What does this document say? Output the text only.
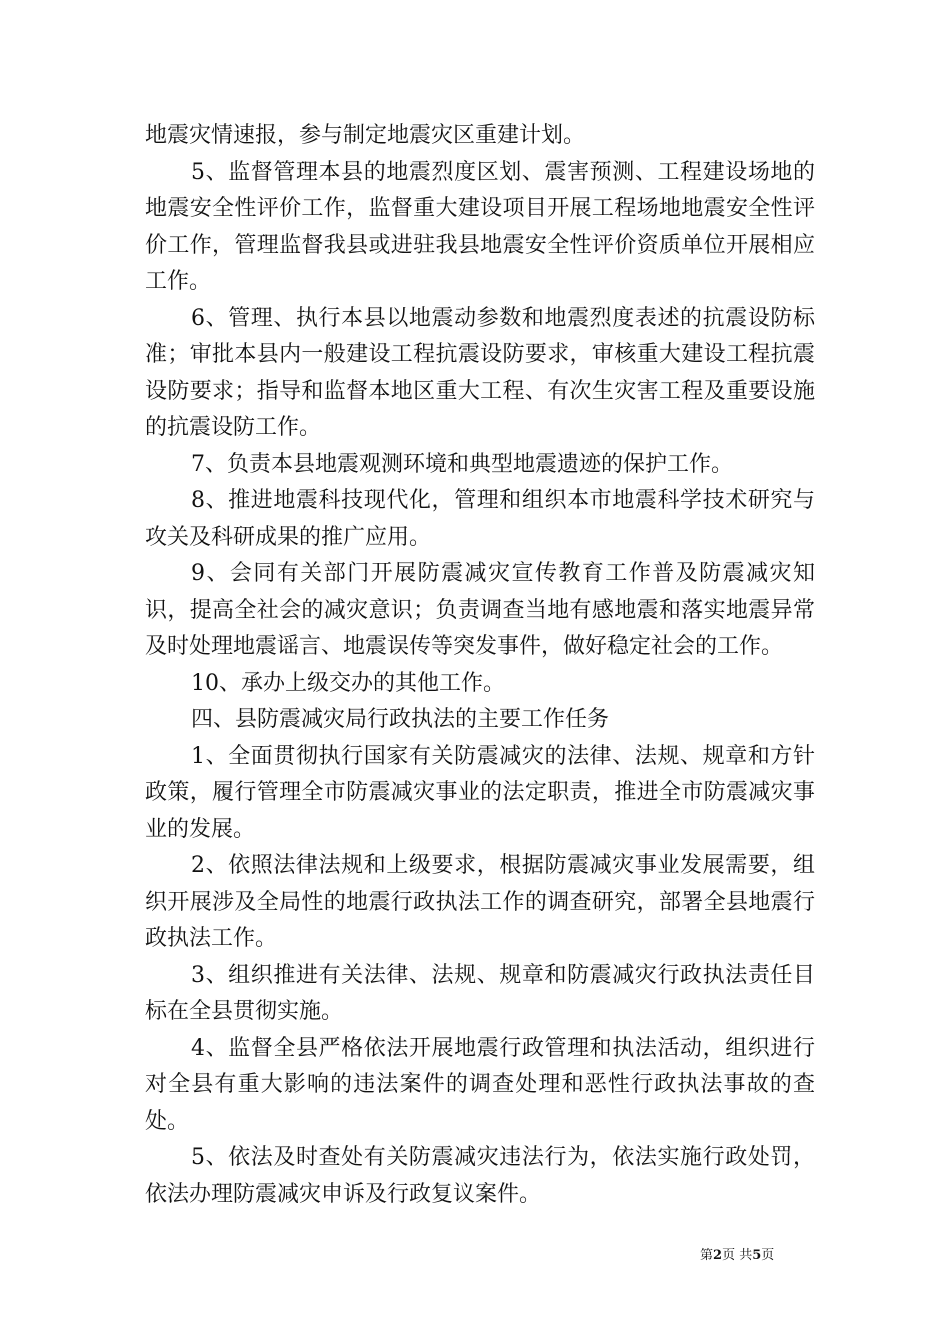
地震灾情速报，参与制定地震灾区重建计划。

5、监督管理本县的地震烈度区划、震害预测、工程建设场地的地震安全性评价工作，监督重大建设项目开展工程场地地震安全性评价工作，管理监督我县或进驻我县地震安全性评价资质单位开展相应工作。

6、管理、执行本县以地震动参数和地震烈度表述的抗震设防标准；审批本县内一般建设工程抗震设防要求，审核重大建设工程抗震设防要求；指导和监督本地区重大工程、有次生灾害工程及重要设施的抗震设防工作。

7、负责本县地震观测环境和典型地震遗迹的保护工作。

8、推进地震科技现代化，管理和组织本市地震科学技术研究与攻关及科研成果的推广应用。

9、会同有关部门开展防震减灾宣传教育工作普及防震减灾知识，提高全社会的减灾意识；负责调查当地有感地震和落实地震异常及时处理地震谣言、地震误传等突发事件，做好稳定社会的工作。

10、承办上级交办的其他工作。

四、县防震减灾局行政执法的主要工作任务

1、全面贯彻执行国家有关防震减灾的法律、法规、规章和方针政策，履行管理全市防震减灾事业的法定职责，推进全市防震减灾事业的发展。

2、依照法律法规和上级要求，根据防震减灾事业发展需要，组织开展涉及全局性的地震行政执法工作的调查研究，部署全县地震行政执法工作。

3、组织推进有关法律、法规、规章和防震减灾行政执法责任目标在全县贯彻实施。

4、监督全县严格依法开展地震行政管理和执法活动，组织进行对全县有重大影响的违法案件的调查处理和恶性行政执法事故的查处。

5、依法及时查处有关防震减灾违法行为，依法实施行政处罚，依法办理防震减灾申诉及行政复议案件。

第2页 共5页
